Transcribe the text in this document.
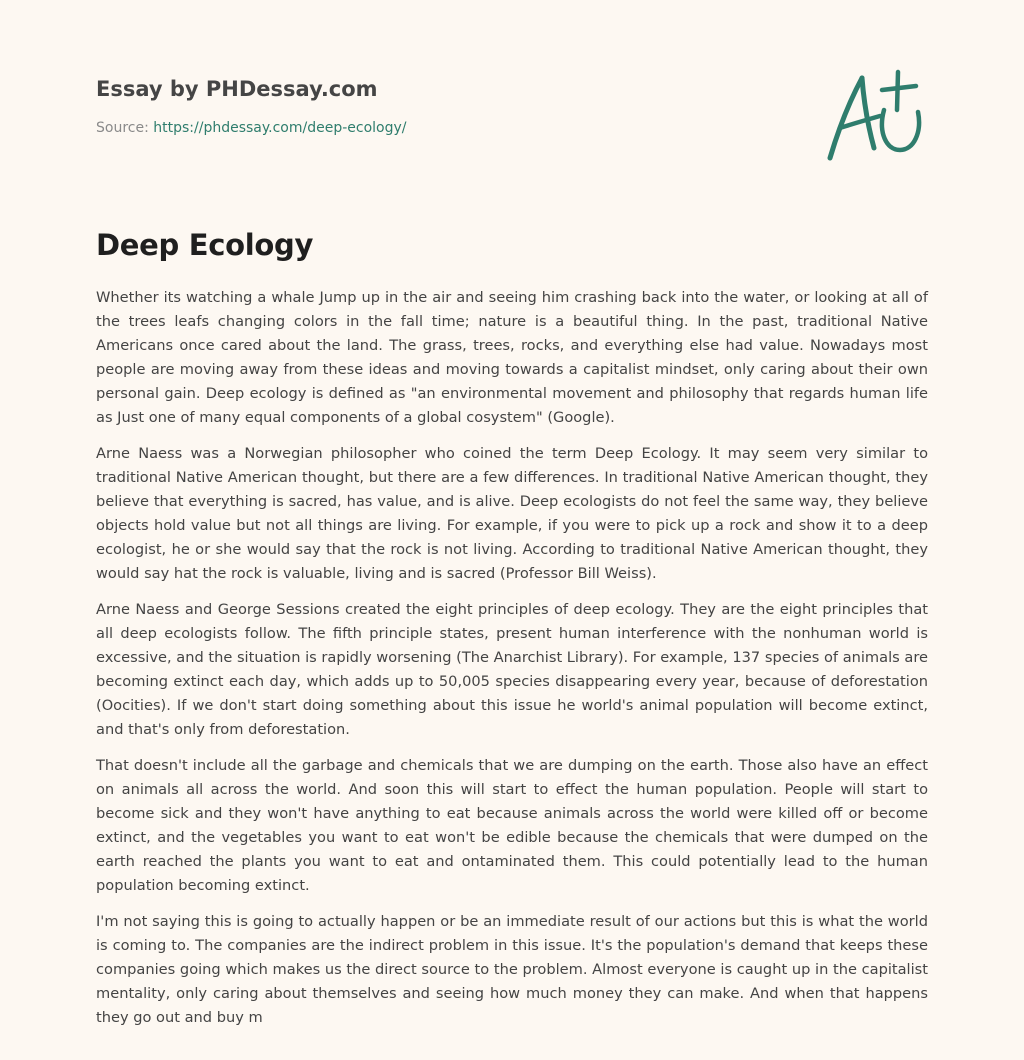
Essay by PHDessay.com
Source: https://phdessay.com/deep-ecology/
Deep Ecology

Whether its watching a whale Jump up in the air and seeing him crashing back into the water, or looking at all of the trees leafs changing colors in the fall time; nature is a beautiful thing. In the past, traditional Native Americans once cared about the land. The grass, trees, rocks, and everything else had value. Nowadays most people are moving away from these ideas and moving towards a capitalist mindset, only caring about their own personal gain. Deep ecology is defined as "an environmental movement and philosophy that regards human life as Just one of many equal components of a global cosystem" (Google).

Arne Naess was a Norwegian philosopher who coined the term Deep Ecology. It may seem very similar to traditional Native American thought, but there are a few differences. In traditional Native American thought, they believe that everything is sacred, has value, and is alive. Deep ecologists do not feel the same way, they believe objects hold value but not all things are living. For example, if you were to pick up a rock and show it to a deep ecologist, he or she would say that the rock is not living. According to traditional Native American thought, they would say hat the rock is valuable, living and is sacred (Professor Bill Weiss).

Arne Naess and George Sessions created the eight principles of deep ecology. They are the eight principles that all deep ecologists follow. The fifth principle states, present human interference with the nonhuman world is excessive, and the situation is rapidly worsening (The Anarchist Library). For example, 137 species of animals are becoming extinct each day, which adds up to 50,005 species disappearing every year, because of deforestation (Oocities). If we don't start doing something about this issue he world's animal population will become extinct, and that's only from deforestation.

That doesn't include all the garbage and chemicals that we are dumping on the earth. Those also have an effect on animals all across the world. And soon this will start to effect the human population. People will start to become sick and they won't have anything to eat because animals across the world were killed off or become extinct, and the vegetables you want to eat won't be edible because the chemicals that were dumped on the earth reached the plants you want to eat and ontaminated them. This could potentially lead to the human population becoming extinct.

I'm not saying this is going to actually happen or be an immediate result of our actions but this is what the world is coming to. The companies are the indirect problem in this issue. It's the population's demand that keeps these companies going which makes us the direct source to the problem. Almost everyone is caught up in the capitalist mentality, only caring about themselves and seeing how much money they can make. And when that happens they go out and buy m
